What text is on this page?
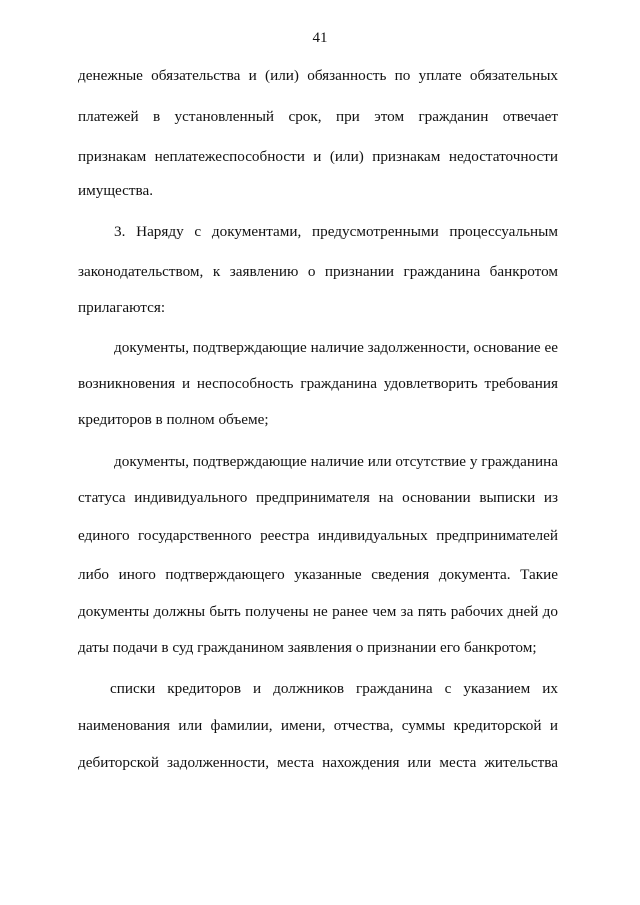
41
денежные обязательства и (или) обязанность по уплате обязательных
платежей в установленный срок, при этом гражданин отвечает
признакам неплатежеспособности и (или) признакам недостаточности
имущества.
3. Наряду с документами, предусмотренными процессуальным
законодательством, к заявлению о признании гражданина банкротом
прилагаются:
документы, подтверждающие наличие задолженности, основание ее
возникновения и неспособность гражданина удовлетворить требования
кредиторов в полном объеме;
документы, подтверждающие наличие или отсутствие у гражданина
статуса индивидуального предпринимателя на основании выписки из
единого государственного реестра индивидуальных предпринимателей
либо иного подтверждающего указанные сведения документа. Такие
документы должны быть получены не ранее чем за пять рабочих дней до
даты подачи в суд гражданином заявления о признании его банкротом;
списки кредиторов и должников гражданина с указанием их
наименования или фамилии, имени, отчества, суммы кредиторской и
дебиторской задолженности, места нахождения или места жительства
